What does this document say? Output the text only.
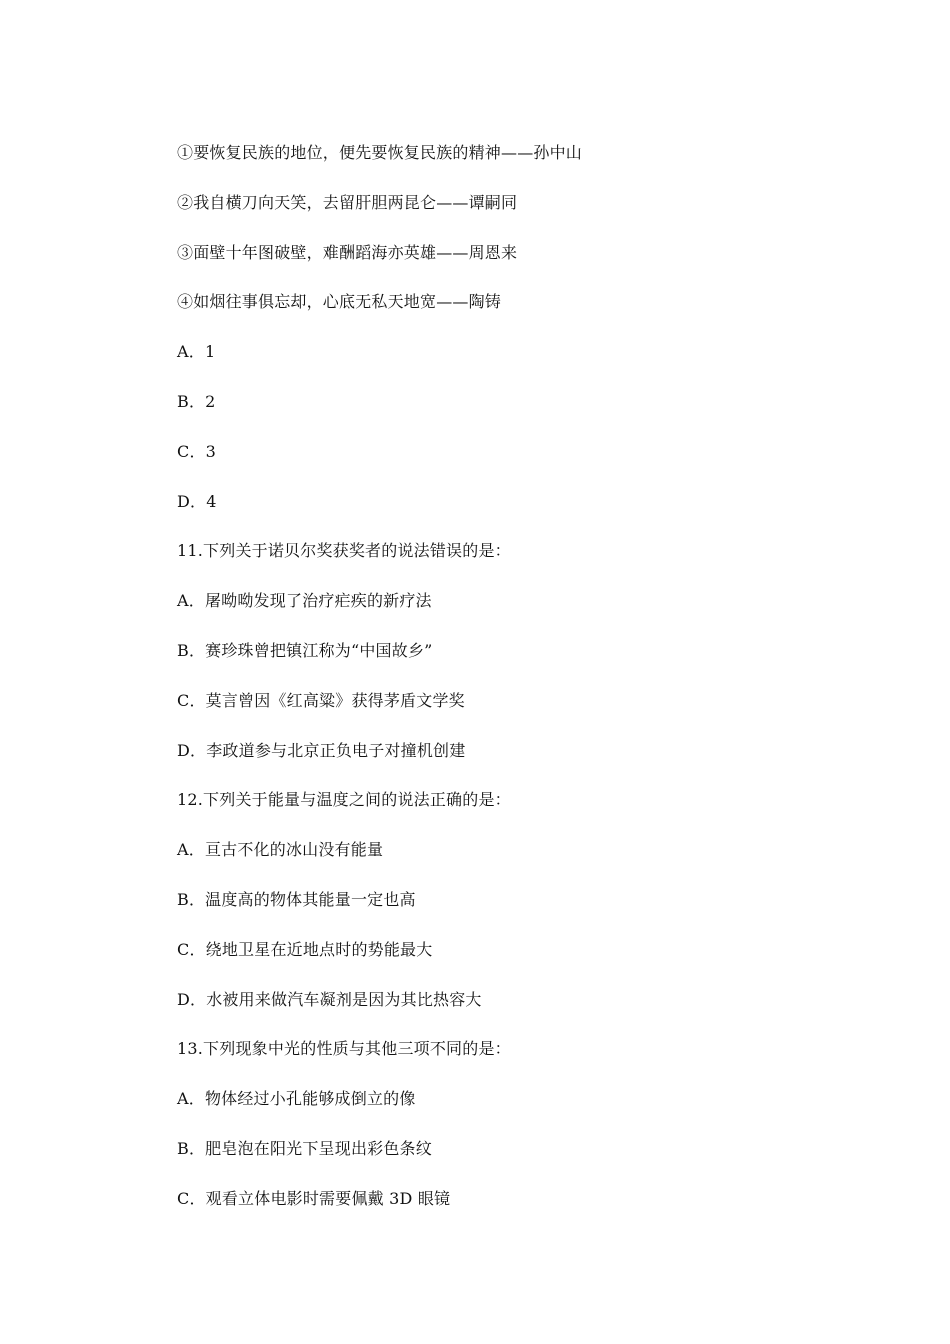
①要恢复民族的地位，便先要恢复民族的精神——孙中山
②我自横刀向天笑，去留肝胆两昆仑——谭嗣同
③面壁十年图破壁，难酬蹈海亦英雄——周恩来
④如烟往事俱忘却，心底无私天地宽——陶铸
A．1
B．2
C．3
D．4
11.下列关于诺贝尔奖获奖者的说法错误的是：
A．屠呦呦发现了治疗疟疾的新疗法
B．赛珍珠曾把镇江称为“中国故乡”
C．莫言曾因《红高粱》获得茅盾文学奖
D．李政道参与北京正负电子对撞机创建
12.下列关于能量与温度之间的说法正确的是：
A．亘古不化的冰山没有能量
B．温度高的物体其能量一定也高
C．绕地卫星在近地点时的势能最大
D．水被用来做汽车凝剂是因为其比热容大
13.下列现象中光的性质与其他三项不同的是：
A．物体经过小孔能够成倒立的像
B．肥皂泡在阳光下呈现出彩色条纹
C．观看立体电影时需要佩戴 3D 眼镜
